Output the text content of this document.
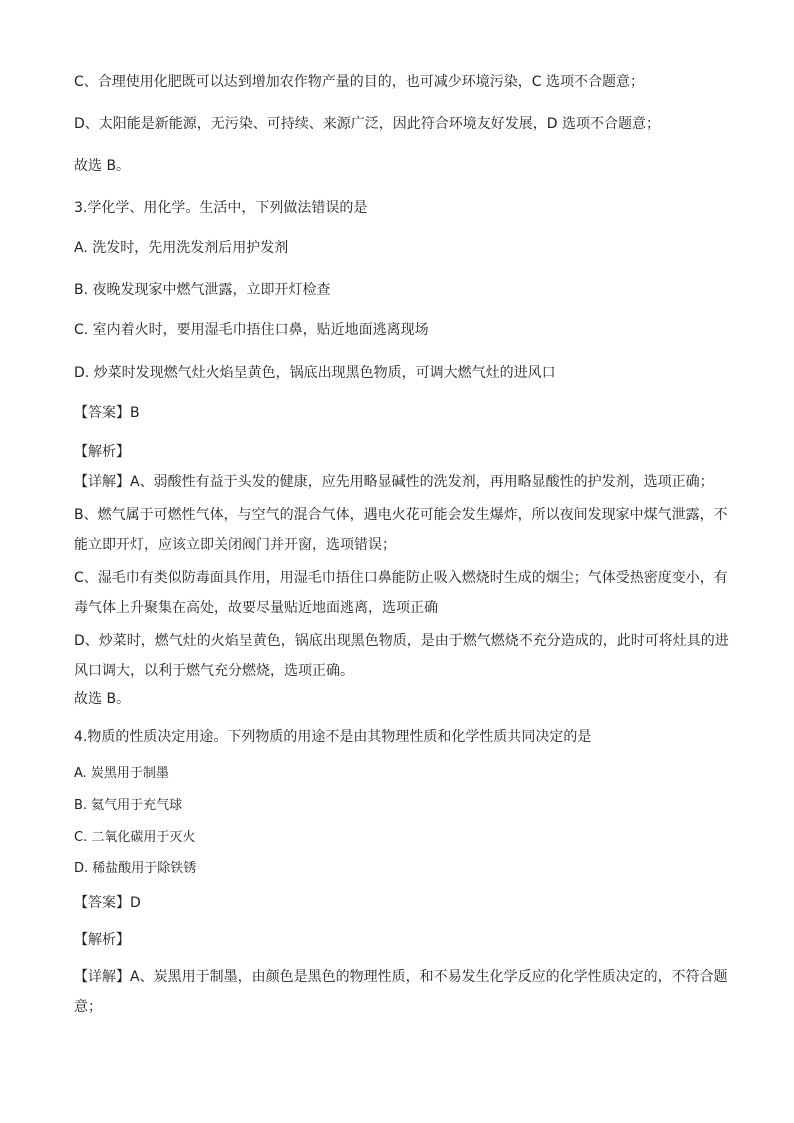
C、合理使用化肥既可以达到增加农作物产量的目的，也可减少环境污染，C 选项不合题意；
D、太阳能是新能源，无污染、可持续、来源广泛，因此符合环境友好发展，D 选项不合题意；
故选 B。
3.学化学、用化学。生活中，下列做法错误的是
A. 洗发时，先用洗发剂后用护发剂
B. 夜晚发现家中燃气泄露，立即开灯检查
C. 室内着火时，要用湿毛巾捂住口鼻，贴近地面逃离现场
D. 炒菜时发现燃气灶火焰呈黄色，锅底出现黑色物质，可调大燃气灶的进风口
【答案】B
【解析】
【详解】A、弱酸性有益于头发的健康，应先用略显碱性的洗发剂，再用略显酸性的护发剂，选项正确；
B、燃气属于可燃性气体，与空气的混合气体，遇电火花可能会发生爆炸，所以夜间发现家中煤气泄露，不能立即开灯，应该立即关闭阀门并开窗，选项错误；
C、湿毛巾有类似防毒面具作用，用湿毛巾捂住口鼻能防止吸入燃烧时生成的烟尘；气体受热密度变小，有毒气体上升聚集在高处，故要尽量贴近地面逃离，选项正确
D、炒菜时，燃气灶的火焰呈黄色，锅底出现黑色物质，是由于燃气燃烧不充分造成的，此时可将灶具的进风口调大，以利于燃气充分燃烧，选项正确。
故选 B。
4.物质的性质决定用途。下列物质的用途不是由其物理性质和化学性质共同决定的是
A. 炭黑用于制墨
B. 氦气用于充气球
C. 二氧化碳用于灭火
D. 稀盐酸用于除铁锈
【答案】D
【解析】
【详解】A、炭黑用于制墨，由颜色是黑色的物理性质，和不易发生化学反应的化学性质决定的，不符合题意；
